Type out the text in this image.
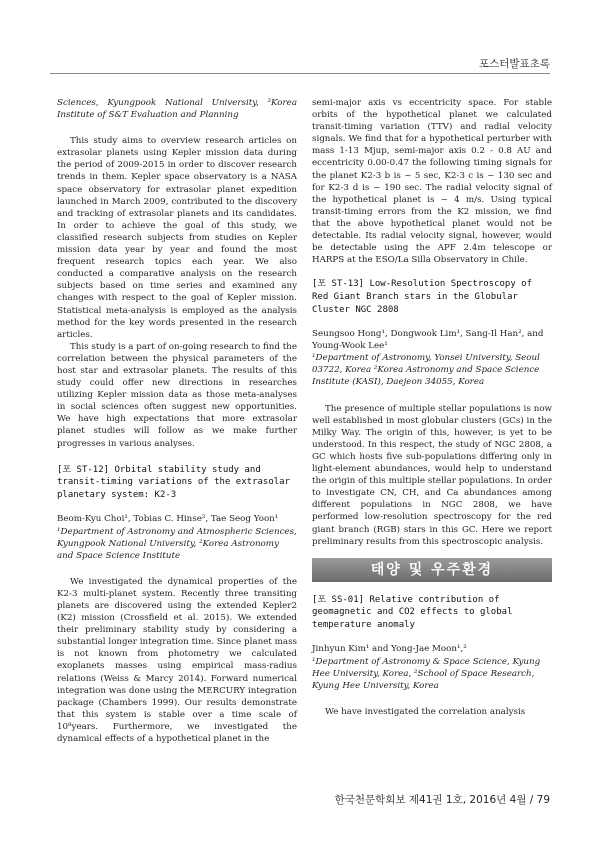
포스터발표초록

Sciences, Kyungpook National University, ²Korea Institute of S&T Evaluation and Planning

This study aims to overview research articles on extrasolar planets using Kepler mission data during the period of 2009-2015 in order to discover research trends in them. Kepler space observatory is a NASA space observatory for extrasolar planet expedition launched in March 2009, contributed to the discovery and tracking of extrasolar planets and its candidates. In order to achieve the goal of this study, we classified research subjects from studies on Kepler mission data year by year and found the most frequent research topics each year. We also conducted a comparative analysis on the research subjects based on time series and examined any changes with respect to the goal of Kepler mission. Statistical meta-analysis is employed as the analysis method for the key words presented in the research articles.

This study is a part of on-going research to find the correlation between the physical parameters of the host star and extrasolar planets. The results of this study could offer new directions in researches utilizing Kepler mission data as those meta-analyses in social sciences often suggest new opportunities. We have high expectations that more extrasolar planet studies will follow as we make further progresses in various analyses.

[포 ST-12] Orbital stability study and transit-timing variations of the extrasolar planetary system: K2-3

Beom-Kyu Choi¹, Tobias C. Hinse², Tae Seog Yoon¹

¹Department of Astronomy and Atmospheric Sciences, Kyungpook National University, ²Korea Astronomy and Space Science Institute

We investigated the dynamical properties of the K2-3 multi-planet system. Recently three transiting planets are discovered using the extended Kepler2 (K2) mission (Crossfield et al. 2015). We extended their preliminary stability study by considering a substantial longer integration time. Since planet mass is not known from photometry we calculated exoplanets masses using empirical mass-radius relations (Weiss & Marcy 2014). Forward numerical integration was done using the MERCURY integration package (Chambers 1999). Our results demonstrate that this system is stable over a time scale of 10⁸years. Furthermore, we investigated the dynamical effects of a hypothetical planet in the

semi-major axis vs eccentricity space. For stable orbits of the hypothetical planet we calculated transit-timing variation (TTV) and radial velocity signals. We find that for a hypothetical perturber with mass 1-13 Mjup, semi-major axis 0.2 - 0.8 AU and eccentricity 0.00-0.47 the following timing signals for the planet K2-3 b is ~ 5 sec, K2-3 c is ~ 130 sec and for K2-3 d is ~ 190 sec. The radial velocity signal of the hypothetical planet is ~ 4 m/s. Using typical transit-timing errors from the K2 mission, we find that the above hypothetical planet would not be detectable. Its radial velocity signal, however, would be detectable using the APF 2.4m telescope or HARPS at the ESO/La Silla Observatory in Chile.

[포 ST-13] Low-Resolution Spectroscopy of Red Giant Branch stars in the Globular Cluster NGC 2808

Seungsoo Hong¹, Dongwook Lim¹, Sang-Il Han², and Young-Wook Lee¹

¹Department of Astronomy, Yonsei University, Seoul 03722, Korea ²Korea Astronomy and Space Science Institute (KASI), Daejeon 34055, Korea

The presence of multiple stellar populations is now well established in most globular clusters (GCs) in the Milky Way. The origin of this, however, is yet to be understood. In this respect, the study of NGC 2808, a GC which hosts five sub-populations differing only in light-element abundances, would help to understand the origin of this multiple stellar populations. In order to investigate CN, CH, and Ca abundances among different populations in NGC 2808, we have performed low-resolution spectroscopy for the red giant branch (RGB) stars in this GC. Here we report preliminary results from this spectroscopic analysis.

태양 및 우주환경

[포 SS-01] Relative contribution of geomagnetic and CO2 effects to global temperature anomaly

Jinhyun Kim¹ and Yong-Jae Moon¹,²

¹Department of Astronomy & Space Science, Kyung Hee University, Korea, ²School of Space Research, Kyung Hee University, Korea

We have investigated the correlation analysis

한국천문학회보 제41권 1호, 2016년 4월 / 79
